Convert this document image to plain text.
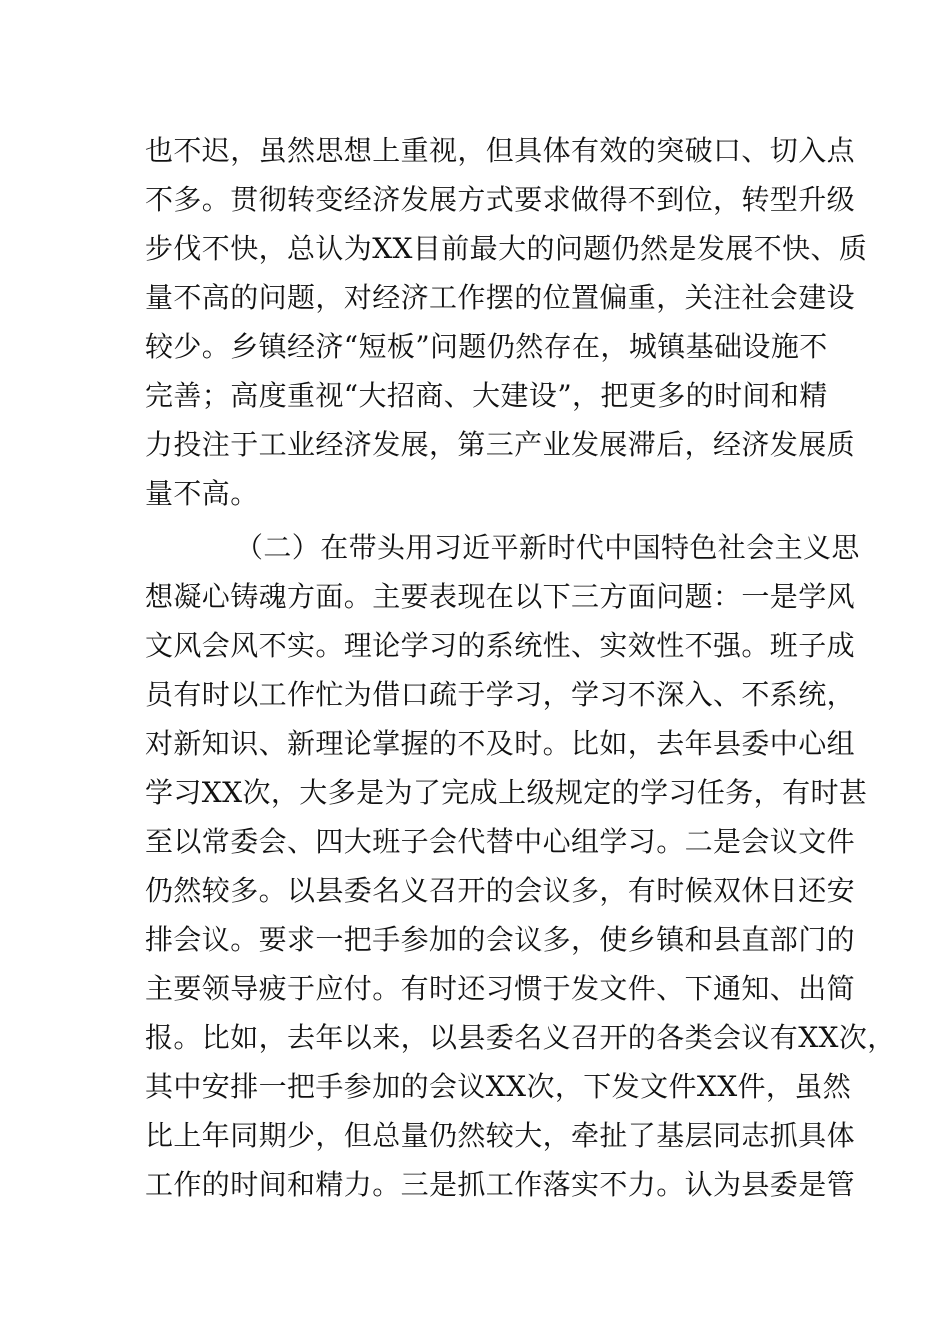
也不迟，虽然思想上重视，但具体有效的突破口、切入点
不多。贯彻转变经济发展方式要求做得不到位，转型升级
步伐不快，总认为XX目前最大的问题仍然是发展不快、质
量不高的问题，对经济工作摆的位置偏重，关注社会建设
较少。乡镇经济“短板”问题仍然存在，城镇基础设施不
完善；高度重视“大招商、大建设”，把更多的时间和精
力投注于工业经济发展，第三产业发展滞后，经济发展质
量不高。
（二）在带头用习近平新时代中国特色社会主义思
想凝心铸魂方面。主要表现在以下三方面问题：一是学风
文风会风不实。理论学习的系统性、实效性不强。班子成
员有时以工作忙为借口疏于学习，学习不深入、不系统，
对新知识、新理论掌握的不及时。比如，去年县委中心组
学习XX次，大多是为了完成上级规定的学习任务，有时甚
至以常委会、四大班子会代替中心组学习。二是会议文件
仍然较多。以县委名义召开的会议多，有时候双休日还安
排会议。要求一把手参加的会议多，使乡镇和县直部门的
主要领导疲于应付。有时还习惯于发文件、下通知、出简
报。比如，去年以来，以县委名义召开的各类会议有XX次，
其中安排一把手参加的会议XX次，下发文件XX件，虽然
比上年同期少，但总量仍然较大，牵扯了基层同志抓具体
工作的时间和精力。三是抓工作落实不力。认为县委是管
